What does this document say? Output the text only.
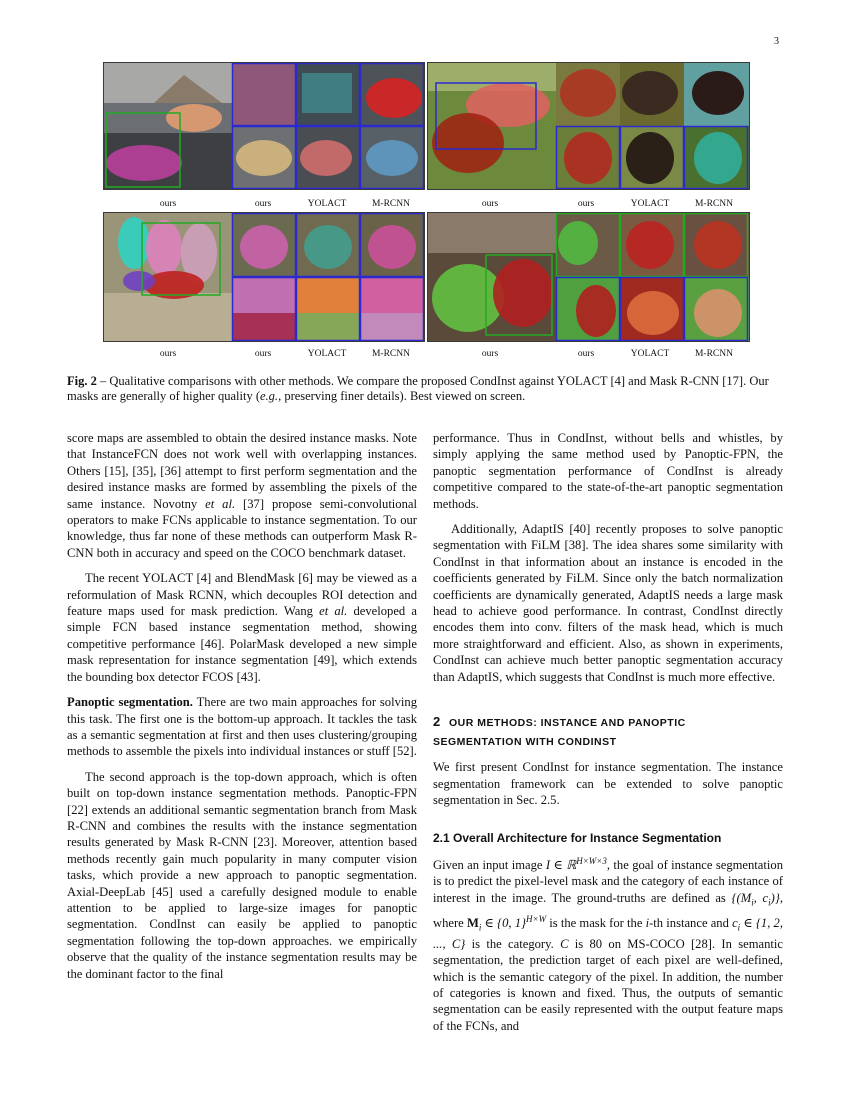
3
ours	ours	YOLACT	M-RCNN	ours	ours	YOLACT	M-RCNN
ours	ours	YOLACT	M-RCNN	ours	ours	YOLACT	M-RCNN
Fig. 2 – Qualitative comparisons with other methods. We compare the proposed CondInst against YOLACT [4] and Mask R-CNN [17]. Our masks are generally of higher quality (e.g., preserving finer details). Best viewed on screen.

score maps are assembled to obtain the desired instance masks. Note that InstanceFCN does not work well with overlapping instances. Others [15], [35], [36] attempt to first perform segmentation and the desired instance masks are formed by assembling the pixels of the same instance. Novotny et al. [37] propose semi-convolutional operators to make FCNs applicable to instance segmentation. To our knowledge, thus far none of these methods can outperform Mask R-CNN both in accuracy and speed on the COCO benchmark dataset.

The recent YOLACT [4] and BlendMask [6] may be viewed as a reformulation of Mask RCNN, which decouples ROI detection and feature maps used for mask prediction. Wang et al. developed a simple FCN based instance segmentation method, showing competitive performance [46]. PolarMask developed a new simple mask representation for instance segmentation [49], which extends the bounding box detector FCOS [43].

Panoptic segmentation. There are two main approaches for solving this task. The first one is the bottom-up approach. It tackles the task as a semantic segmentation at first and then uses clustering/grouping methods to assemble the pixels into individual instances or stuff [52].

The second approach is the top-down approach, which is often built on top-down instance segmentation methods. Panoptic-FPN [22] extends an additional semantic segmentation branch from Mask R-CNN and combines the results with the instance segmentation results generated by Mask R-CNN [23]. Moreover, attention based methods recently gain much popularity in many computer vision tasks, which provide a new approach to panoptic segmentation. Axial-DeepLab [45] used a carefully designed module to enable attention to be applied to large-size images for panoptic segmentation. CondInst can easily be applied to panoptic segmentation following the top-down approaches. we empirically observe that the quality of the instance segmentation results may be the dominant factor to the final

performance. Thus in CondInst, without bells and whistles, by simply applying the same method used by Panoptic-FPN, the panoptic segmentation performance of CondInst is already competitive compared to the state-of-the-art panoptic segmentation methods.

Additionally, AdaptIS [40] recently proposes to solve panoptic segmentation with FiLM [38]. The idea shares some similarity with CondInst in that information about an instance is encoded in the coefficients generated by FiLM. Since only the batch normalization coefficients are dynamically generated, AdaptIS needs a large mask head to achieve good performance. In contrast, CondInst directly encodes them into conv. filters of the mask head, which is much more straightforward and efficient. Also, as shown in experiments, CondInst can achieve much better panoptic segmentation accuracy than AdaptIS, which suggests that CondInst is much more effective.

2 OUR METHODS: INSTANCE AND PANOPTIC
SEGMENTATION WITH CONDINST

We first present CondInst for instance segmentation. The instance segmentation framework can be extended to solve panoptic segmentation in Sec. 2.5.

2.1 Overall Architecture for Instance Segmentation

Given an input image I ∈ ℝ$^{H\times W\times 3}$, the goal of instance segmentation is to predict the pixel-level mask and the category of each instance of interest in the image. The ground-truths are defined as {($M_i$, $c_i$)}, where $M_i$ ∈ {0, 1}$^{H\times W}$ is the mask for the i-th instance and $c_i$ ∈ {1, 2, ..., C} is the category. C is 80 on MS-COCO [28]. In semantic segmentation, the prediction target of each pixel are well-defined, which is the semantic category of the pixel. In addition, the number of categories is known and fixed. Thus, the outputs of semantic segmentation can be easily represented with the output feature maps of the FCNs, and
